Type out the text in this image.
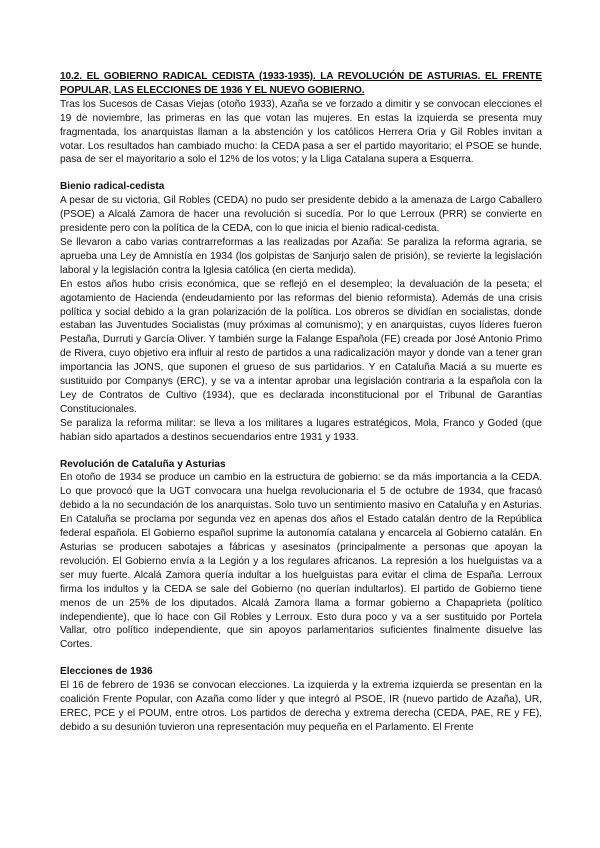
10.2. EL GOBIERNO RADICAL CEDISTA (1933-1935). LA REVOLUCIÓN DE ASTURIAS. EL FRENTE POPULAR, LAS ELECCIONES DE 1936 Y EL NUEVO GOBIERNO.

Tras los Sucesos de Casas Viejas (otoño 1933), Azaña se ve forzado a dimitir y se convocan elecciones el 19 de noviembre, las primeras en las que votan las mujeres. En estas la izquierda se presenta muy fragmentada, los anarquistas llaman a la abstención y los católicos Herrera Oria y Gil Robles invitan a votar. Los resultados han cambiado mucho: la CEDA pasa a ser el partido mayoritario; el PSOE se hunde, pasa de ser el mayoritario a solo el 12% de los votos; y la Lliga Catalana supera a Esquerra.

Bienio radical-cedista

A pesar de su victoria, Gil Robles (CEDA) no pudo ser presidente debido a la amenaza de Largo Caballero (PSOE) a Alcalá Zamora de hacer una revolución si sucedía. Por lo que Lerroux (PRR) se convierte en presidente pero con la política de la CEDA, con lo que inicia el bienio radical-cedista.

Se llevaron a cabo varias contrarreformas a las realizadas por Azaña: Se paraliza la reforma agraria, se aprueba una Ley de Amnistía en 1934 (los golpistas de Sanjurjo salen de prisión), se revierte la legislación laboral y la legislación contra la Iglesia católica (en cierta medida).

En estos años hubo crisis económica, que se reflejó en el desempleo; la devaluación de la peseta; el agotamiento de Hacienda (endeudamiento por las reformas del bienio reformista). Además de una crisis política y social debido a la gran polarización de la política. Los obreros se dividían en socialistas, donde estaban las Juventudes Socialistas (muy próximas al comunismo); y en anarquistas, cuyos líderes fueron Pestaña, Durruti y García Oliver. Y también surge la Falange Española (FE) creada por José Antonio Primo de Rivera, cuyo objetivo era influir al resto de partidos a una radicalización mayor y donde van a tener gran importancia las JONS, que suponen el grueso de sus partidarios. Y en Cataluña Maciá a su muerte es sustituido por Companys (ERC), y se va a intentar aprobar una legislación contraria a la española con la Ley de Contratos de Cultivo (1934), que es declarada inconstitucional por el Tribunal de Garantías Constitucionales.

Se paraliza la reforma militar: se lleva a los militares a lugares estratégicos, Mola, Franco y Goded (que habían sido apartados a destinos secuendarios entre 1931 y 1933.

Revolución de Cataluña y Asturias

En otoño de 1934 se produce un cambio en la estructura de gobierno: se da más importancia a la CEDA. Lo que provocó que la UGT convocara una huelga revolucionaria el 5 de octubre de 1934, que fracasó debido a la no secundación de los anarquistas. Solo tuvo un sentimiento masivo en Cataluña y en Asturias. En Cataluña se proclama por segunda vez en apenas dos años el Estado catalán dentro de la República federal española. El Gobierno español suprime la autonomía catalana y encarcela al Gobierno catalán. En Asturias se producen sabotajes a fábricas y asesinatos (principalmente a personas que apoyan la revolución. El Gobierno envía a la Legión y a los regulares africanos. La represión a los huelguistas va a ser muy fuerte. Alcalá Zamora quería indultar a los huelguistas para evitar el clima de España. Lerroux firma los indultos y la CEDA se sale del Gobierno (no querían indultarlos). El partido de Gobierno tiene menos de un 25% de los diputados. Alcalá Zamora llama a formar gobierno a Chapaprieta (político independiente), que lo hace con Gil Robles y Lerroux. Esto dura poco y va a ser sustituido por Portela Vallar, otro político independiente, que sin apoyos parlamentarios suficientes finalmente disuelve las Cortes.

Elecciones de 1936

El 16 de febrero de 1936 se convocan elecciones. La izquierda y la extrema izquierda se presentan en la coalición Frente Popular, con Azaña como líder y que integró al PSOE, IR (nuevo partido de Azaña), UR, EREC, PCE y el POUM, entre otros. Los partidos de derecha y extrema derecha (CEDA, PAE, RE y FE), debido a su desunión tuvieron una representación muy pequeña en el Parlamento. El Frente
